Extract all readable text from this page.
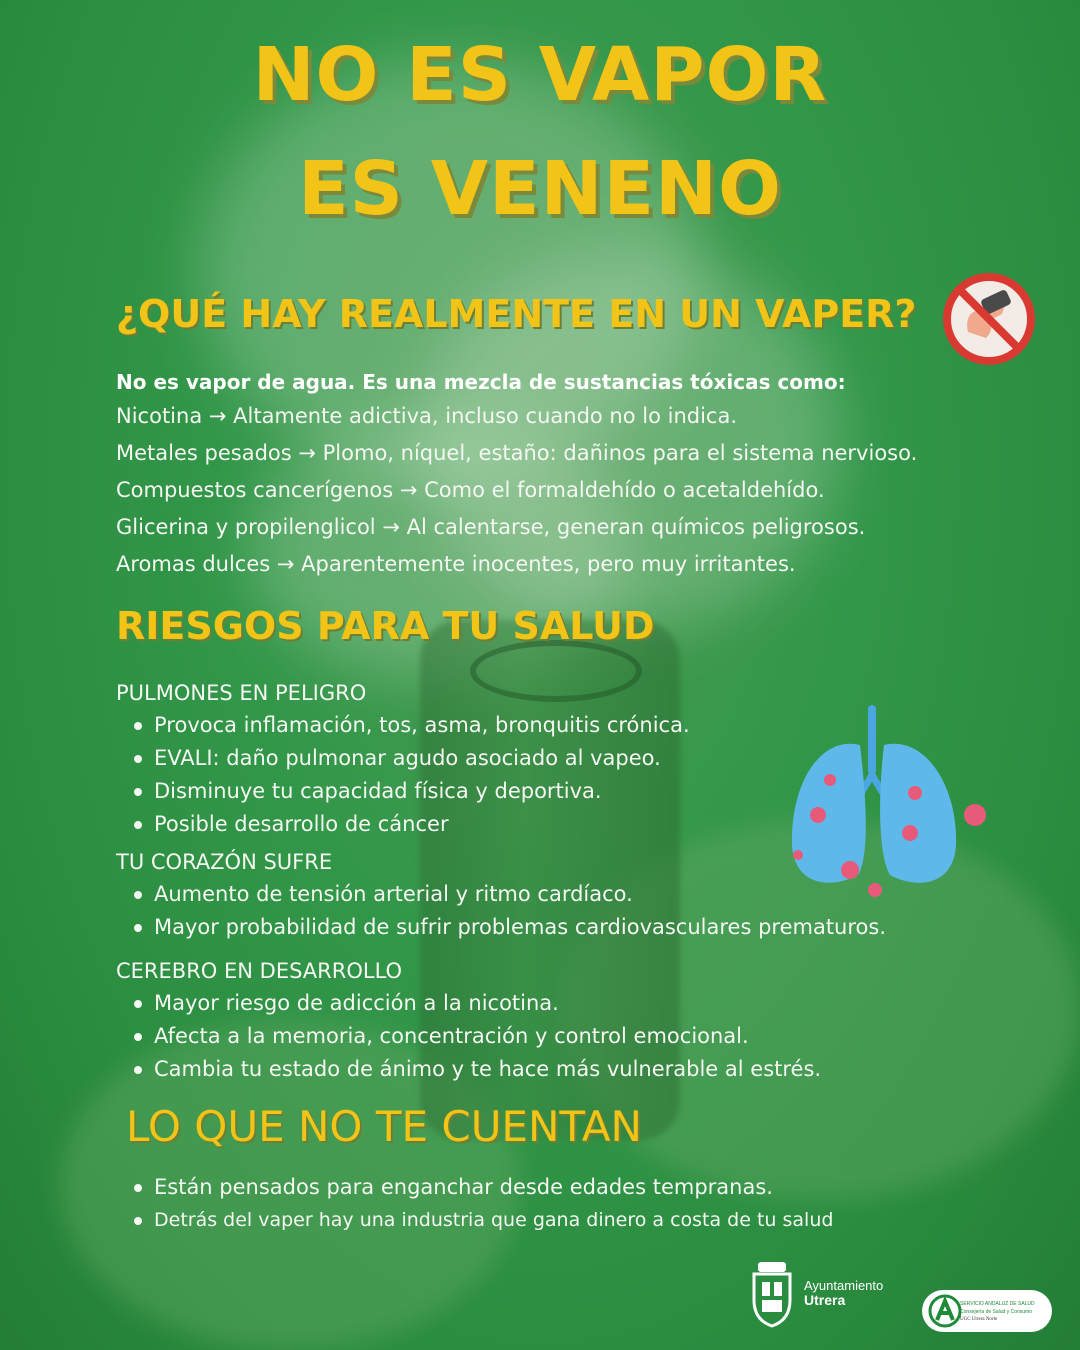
NO ES VAPOR
ES VENENO
¿QUÉ HAY REALMENTE EN UN VAPER?
No es vapor de agua. Es una mezcla de sustancias tóxicas como:
Nicotina → Altamente adictiva, incluso cuando no lo indica.
Metales pesados → Plomo, níquel, estaño: dañinos para el sistema nervioso.
Compuestos cancerígenos → Como el formaldehído o acetaldehído.
Glicerina y propilenglicol → Al calentarse, generan químicos peligrosos.
Aromas dulces → Aparentemente inocentes, pero muy irritantes.
RIESGOS PARA TU SALUD
PULMONES EN PELIGRO
Provoca inflamación, tos, asma, bronquitis crónica.
EVALI: daño pulmonar agudo asociado al vapeo.
Disminuye tu capacidad física y deportiva.
Posible desarrollo de cáncer
TU CORAZÓN SUFRE
Aumento de tensión arterial y ritmo cardíaco.
Mayor probabilidad de sufrir problemas cardiovasculares prematuros.
CEREBRO EN DESARROLLO
Mayor riesgo de adicción a la nicotina.
Afecta a la memoria, concentración y control emocional.
Cambia tu estado de ánimo y te hace más vulnerable al estrés.
LO QUE NO TE CUENTAN
Están pensados para enganchar desde edades tempranas.
Detrás del vaper hay una industria que gana dinero a costa de tu salud
Ayuntamiento
Utrera	SERVICIO ANDALUZ DE SALUD
Consejería de Salud y Consumo
UGC Utrera Norte
